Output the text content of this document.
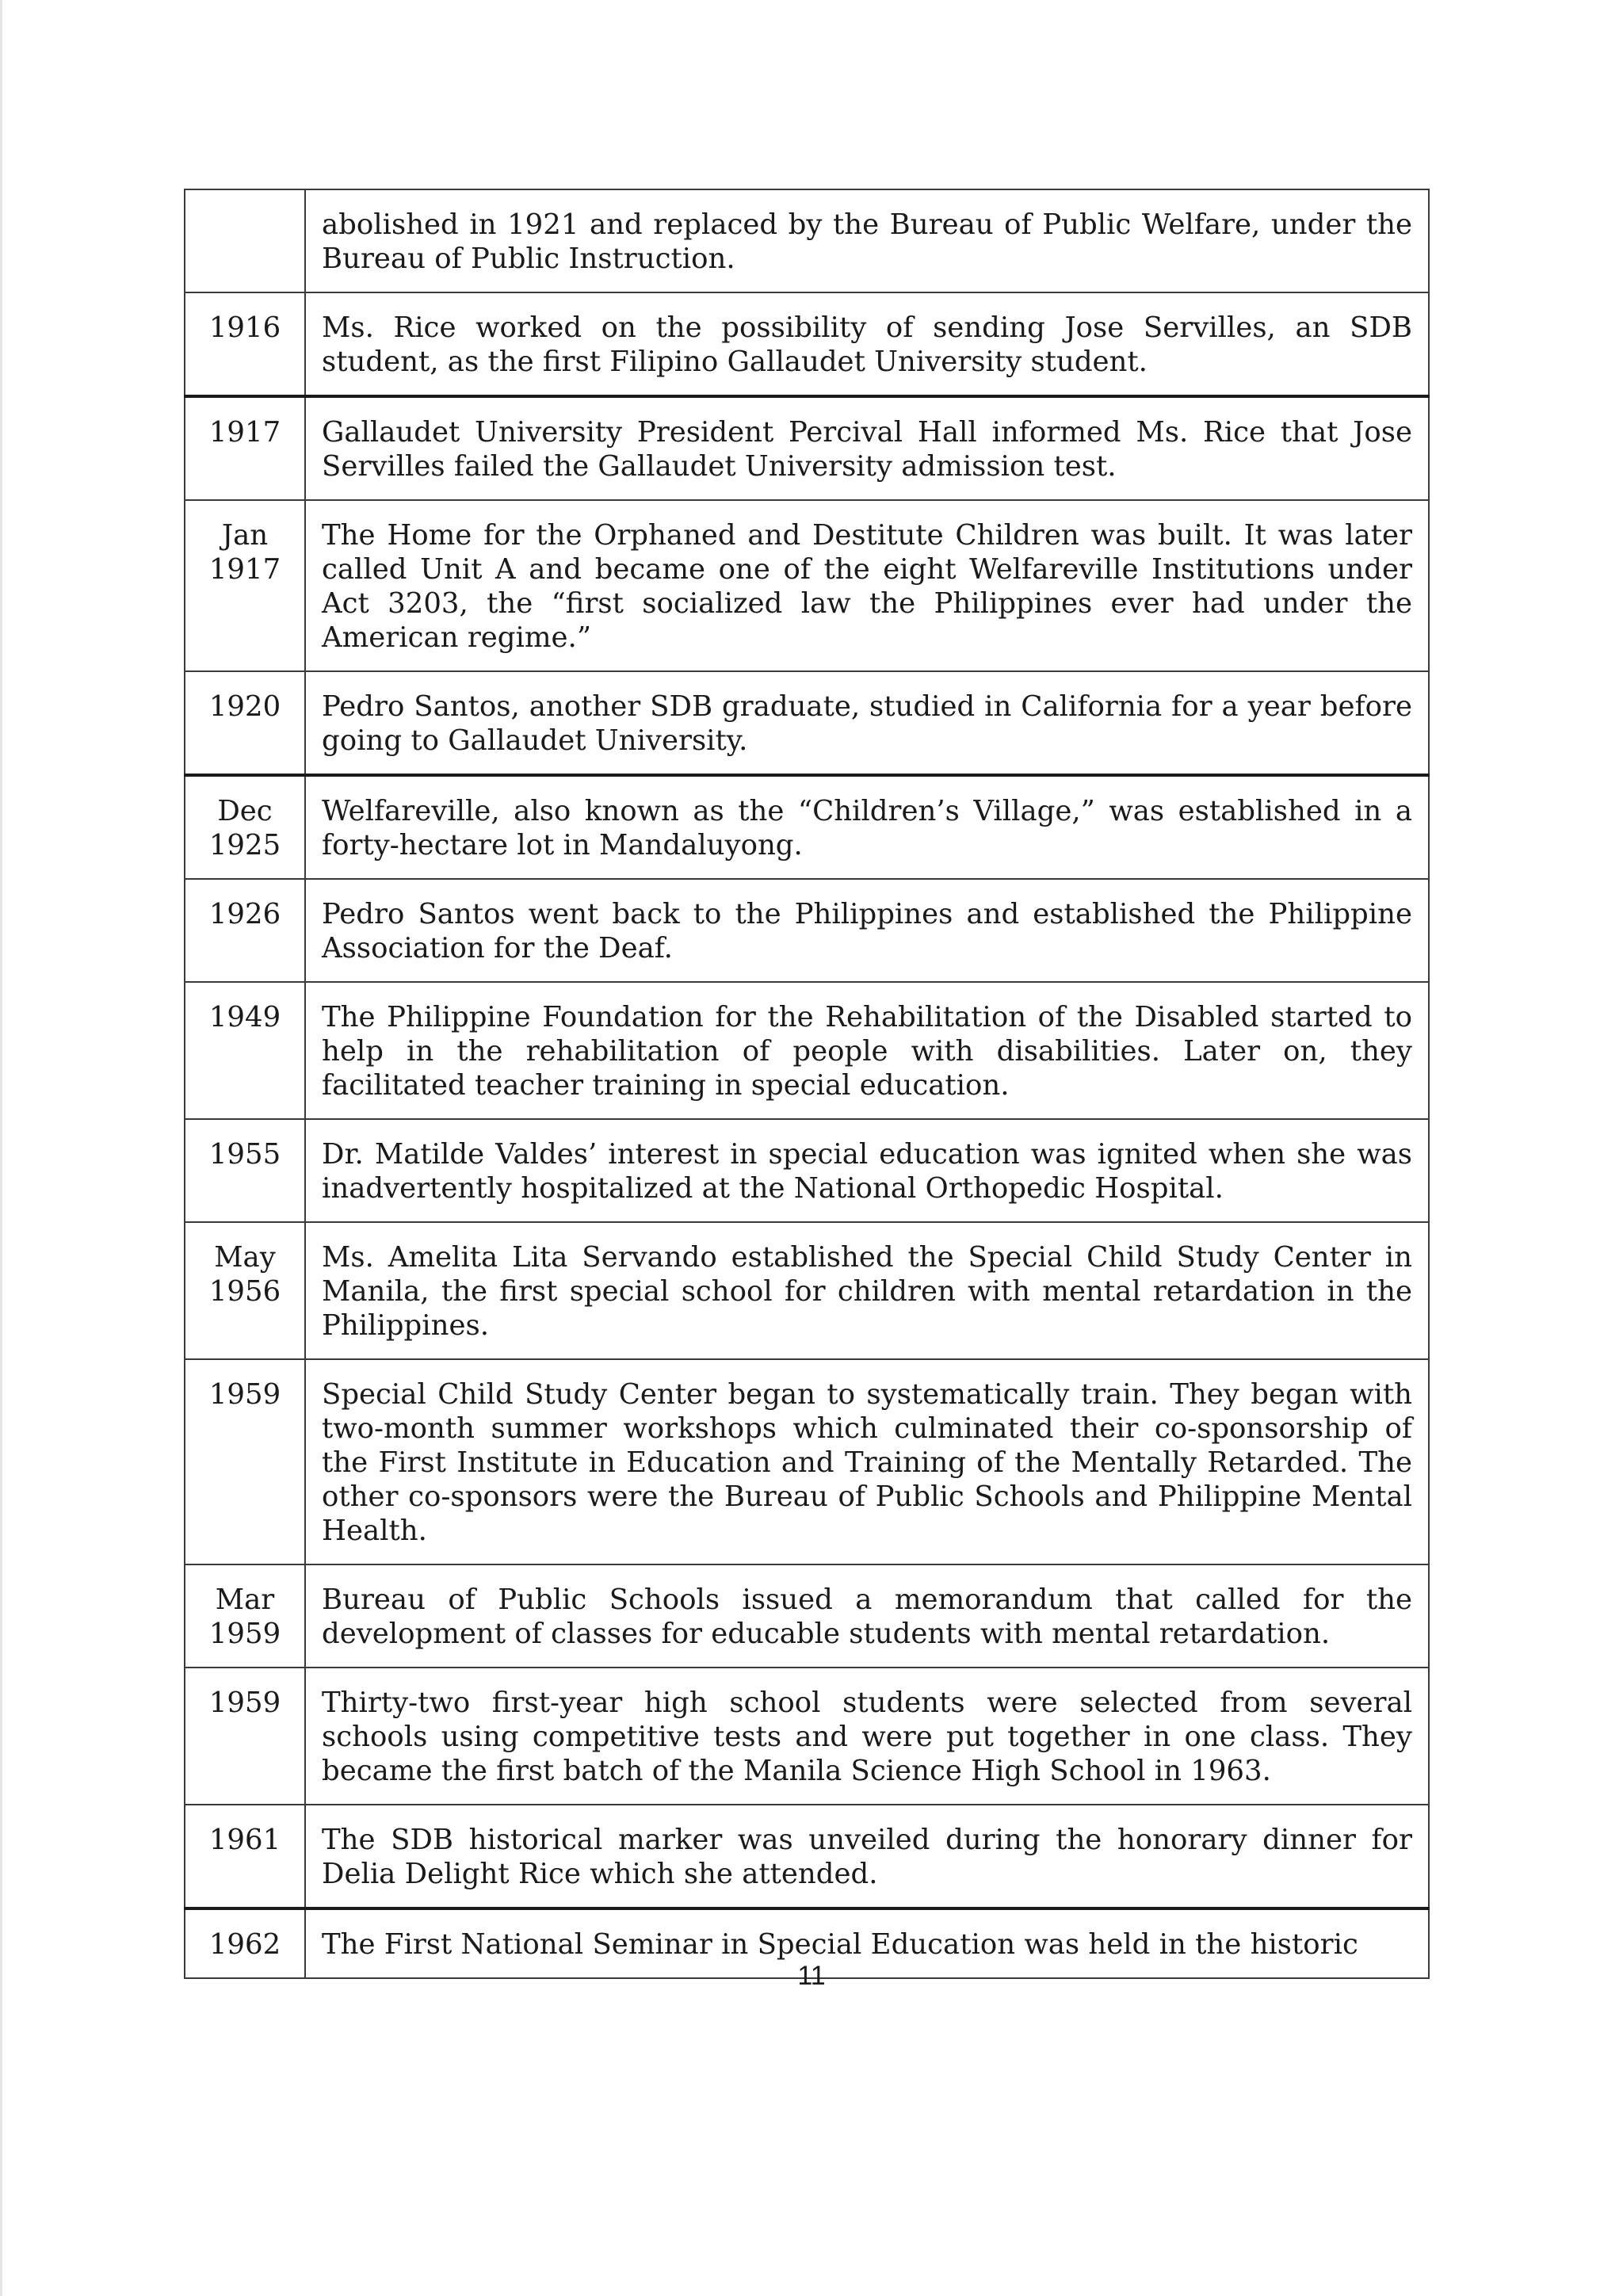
	abolished in 1921 and replaced by the Bureau of Public Welfare, under the Bureau of Public Instruction.
1916	Ms. Rice worked on the possibility of sending Jose Servilles, an SDB student, as the first Filipino Gallaudet University student.
1917	Gallaudet University President Percival Hall informed Ms. Rice that Jose Servilles failed the Gallaudet University admission test.
Jan 1917	The Home for the Orphaned and Destitute Children was built. It was later called Unit A and became one of the eight Welfareville Institutions under Act 3203, the “first socialized law the Philippines ever had under the American regime.”
1920	Pedro Santos, another SDB graduate, studied in California for a year before going to Gallaudet University.
Dec 1925	Welfareville, also known as the “Children’s Village,” was established in a forty-hectare lot in Mandaluyong.
1926	Pedro Santos went back to the Philippines and established the Philippine Association for the Deaf.
1949	The Philippine Foundation for the Rehabilitation of the Disabled started to help in the rehabilitation of people with disabilities. Later on, they facilitated teacher training in special education.
1955	Dr. Matilde Valdes’ interest in special education was ignited when she was inadvertently hospitalized at the National Orthopedic Hospital.
May 1956	Ms. Amelita Lita Servando established the Special Child Study Center in Manila, the first special school for children with mental retardation in the Philippines.
1959	Special Child Study Center began to systematically train. They began with two-month summer workshops which culminated their co-sponsorship of the First Institute in Education and Training of the Mentally Retarded. The other co-sponsors were the Bureau of Public Schools and Philippine Mental Health.
Mar 1959	Bureau of Public Schools issued a memorandum that called for the development of classes for educable students with mental retardation.
1959	Thirty-two first-year high school students were selected from several schools using competitive tests and were put together in one class. They became the first batch of the Manila Science High School in 1963.
1961	The SDB historical marker was unveiled during the honorary dinner for Delia Delight Rice which she attended.
1962	The First National Seminar in Special Education was held in the historic
11
